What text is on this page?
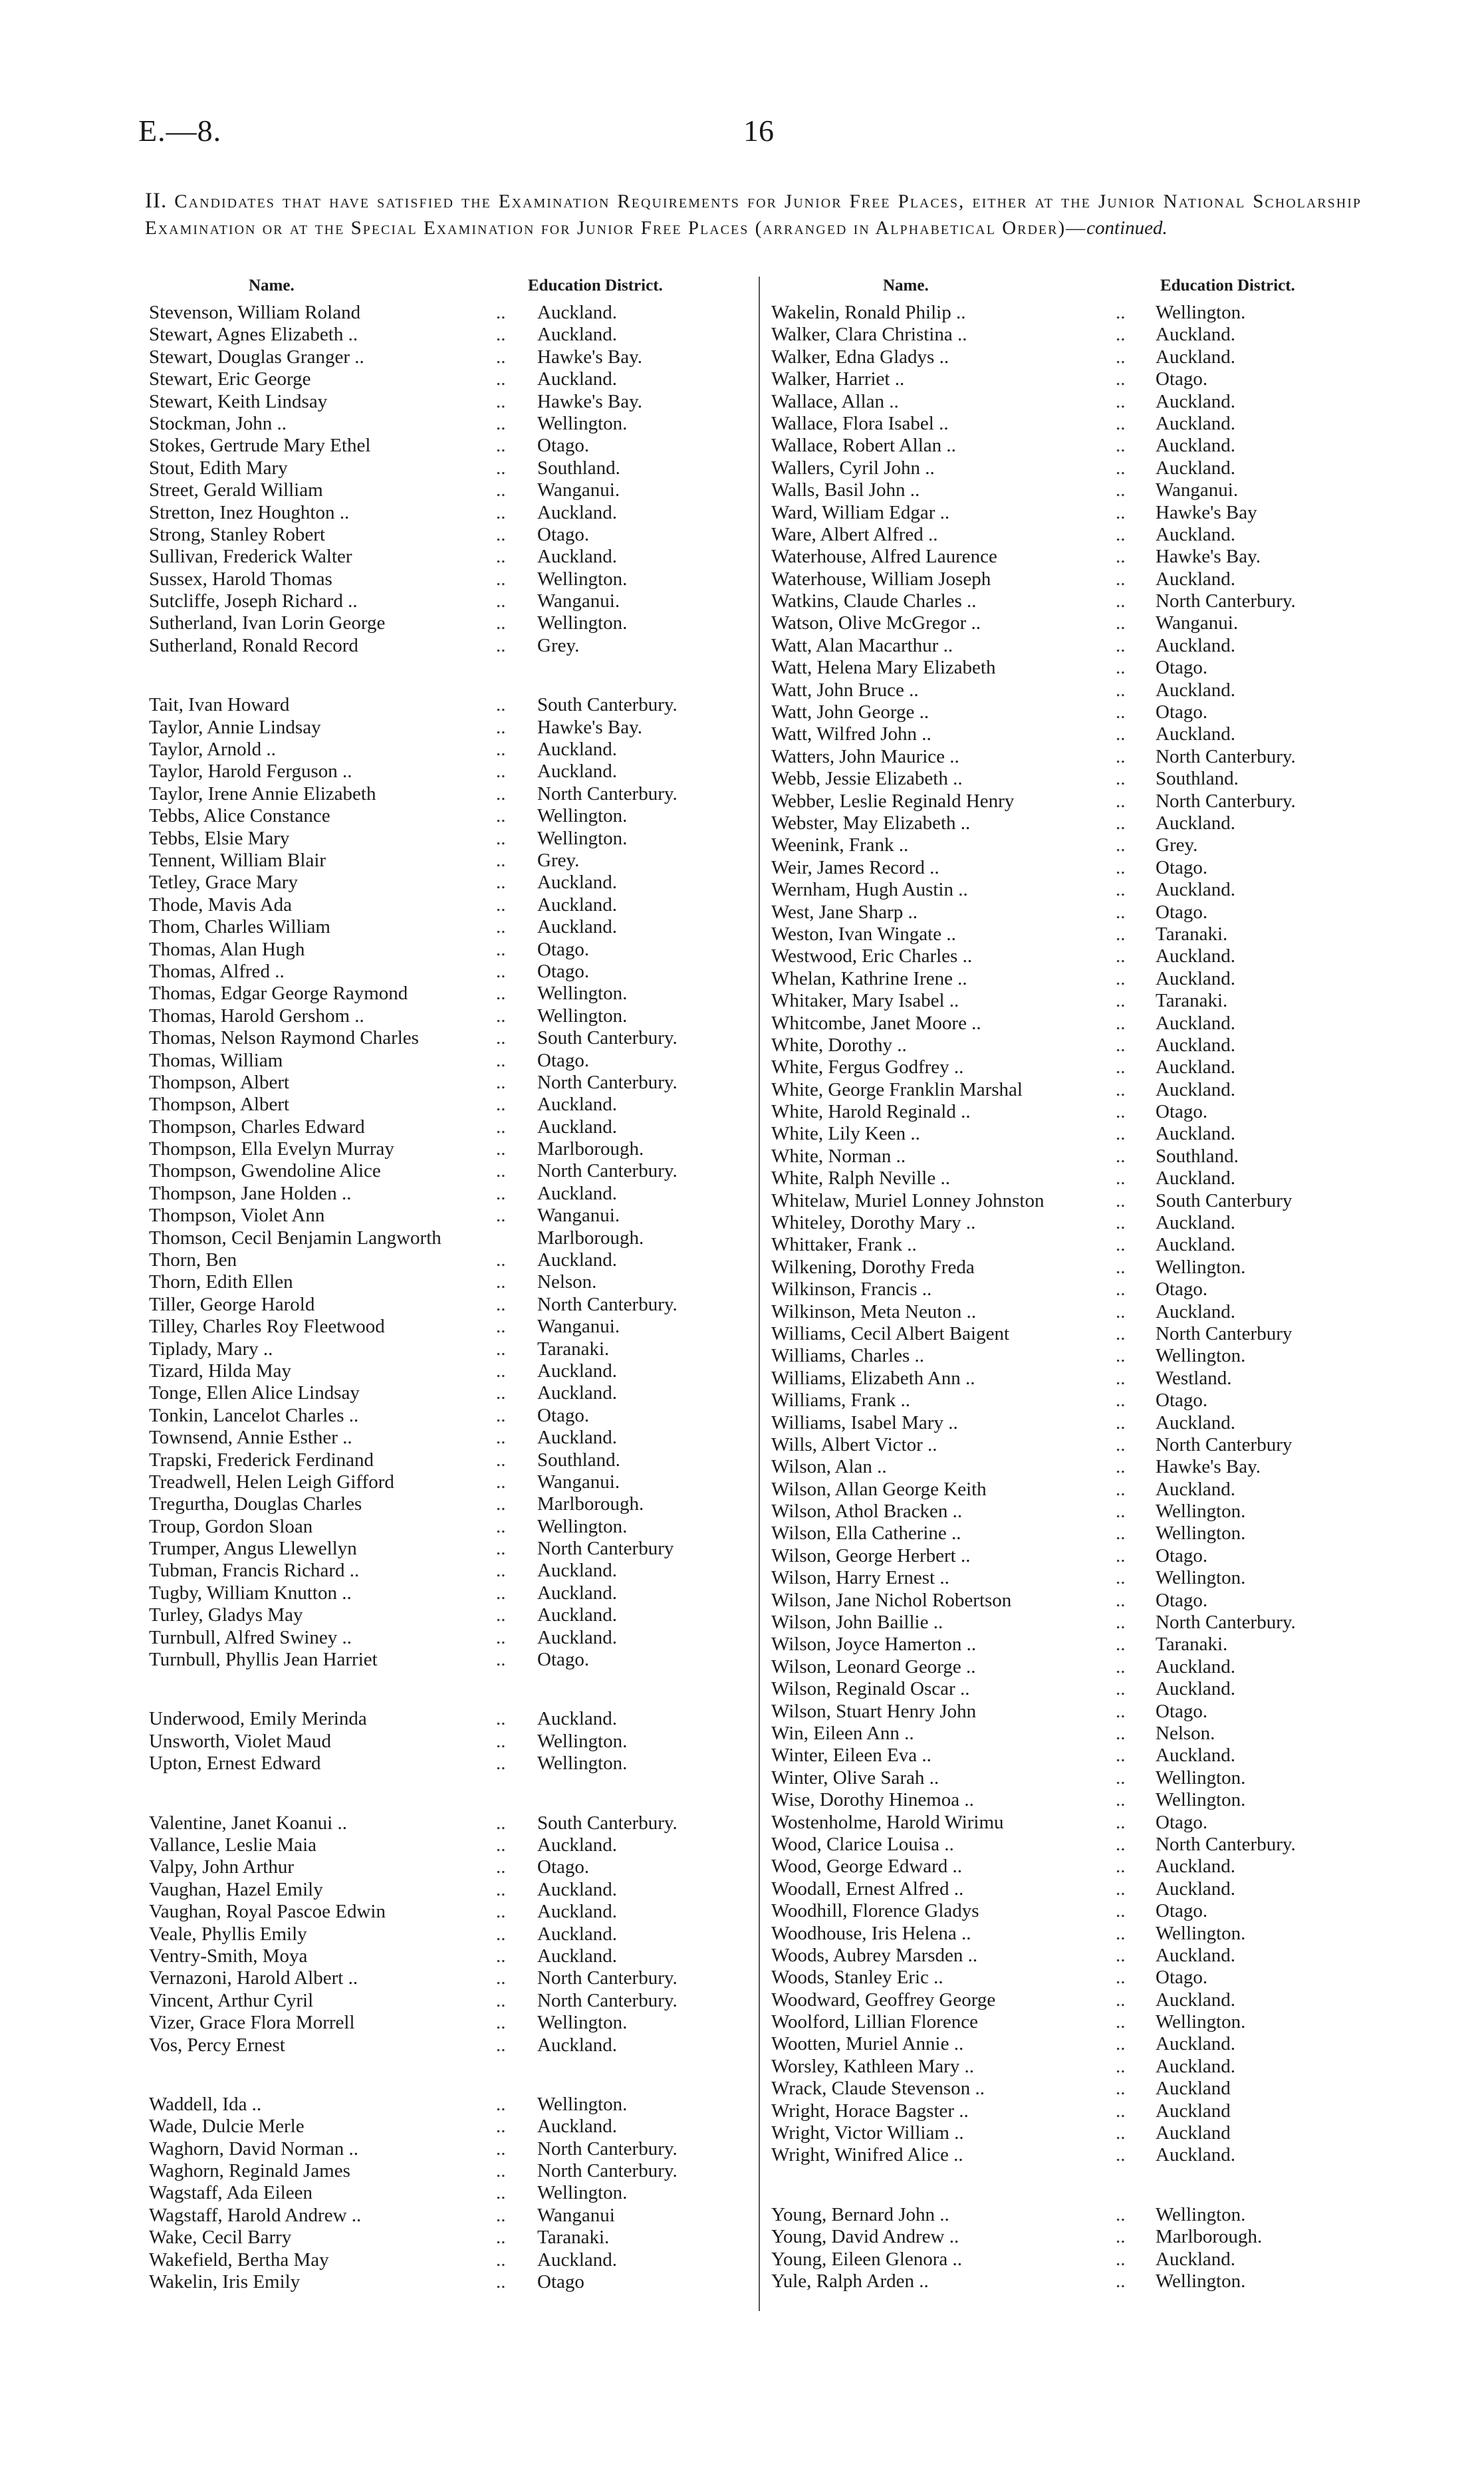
E.—8.	16
II. Candidates that have satisfied the Examination Requirements for Junior Free Places, either at the Junior National Scholarship Examination or at the Special Examination for Junior Free Places (arranged in Alphabetical Order)—continued.
Name.	Education District.
Stevenson, William Roland	.. Auckland.
Stewart, Agnes Elizabeth ..	.. Auckland.
Stewart, Douglas Granger ..	.. Hawke's Bay.
Stewart, Eric George	.. Auckland.
Stewart, Keith Lindsay	.. Hawke's Bay.
Stockman, John ..	.. Wellington.
Stokes, Gertrude Mary Ethel	.. Otago.
Stout, Edith Mary	.. Southland.
Street, Gerald William	.. Wanganui.
Stretton, Inez Houghton ..	.. Auckland.
Strong, Stanley Robert	.. Otago.
Sullivan, Frederick Walter	.. Auckland.
Sussex, Harold Thomas	.. Wellington.
Sutcliffe, Joseph Richard ..	.. Wanganui.
Sutherland, Ivan Lorin George	.. Wellington.
Sutherland, Ronald Record	.. Grey.
Tait, Ivan Howard	.. South Canterbury.
Taylor, Annie Lindsay	.. Hawke's Bay.
Taylor, Arnold ..	.. Auckland.
Taylor, Harold Ferguson ..	.. Auckland.
Taylor, Irene Annie Elizabeth	.. North Canterbury.
Tebbs, Alice Constance	.. Wellington.
Tebbs, Elsie Mary	.. Wellington.
Tennent, William Blair	.. Grey.
Tetley, Grace Mary	.. Auckland.
Thode, Mavis Ada	.. Auckland.
Thom, Charles William	.. Auckland.
Thomas, Alan Hugh	.. Otago.
Thomas, Alfred ..	.. Otago.
Thomas, Edgar George Raymond	.. Wellington.
Thomas, Harold Gershom ..	.. Wellington.
Thomas, Nelson Raymond Charles	.. South Canterbury.
Thomas, William	.. Otago.
Thompson, Albert	.. North Canterbury.
Thompson, Albert	.. Auckland.
Thompson, Charles Edward	.. Auckland.
Thompson, Ella Evelyn Murray	.. Marlborough.
Thompson, Gwendoline Alice	.. North Canterbury.
Thompson, Jane Holden ..	.. Auckland.
Thompson, Violet Ann	.. Wanganui.
Thomson, Cecil Benjamin Langworth	Marlborough.
Thorn, Ben	.. Auckland.
Thorn, Edith Ellen	.. Nelson.
Tiller, George Harold	.. North Canterbury.
Tilley, Charles Roy Fleetwood	.. Wanganui.
Tiplady, Mary ..	.. Taranaki.
Tizard, Hilda May	.. Auckland.
Tonge, Ellen Alice Lindsay	.. Auckland.
Tonkin, Lancelot Charles ..	.. Otago.
Townsend, Annie Esther ..	.. Auckland.
Trapski, Frederick Ferdinand	.. Southland.
Treadwell, Helen Leigh Gifford	.. Wanganui.
Tregurtha, Douglas Charles	.. Marlborough.
Troup, Gordon Sloan	.. Wellington.
Trumper, Angus Llewellyn	.. North Canterbury
Tubman, Francis Richard ..	.. Auckland.
Tugby, William Knutton ..	.. Auckland.
Turley, Gladys May	.. Auckland.
Turnbull, Alfred Swiney ..	.. Auckland.
Turnbull, Phyllis Jean Harriet	.. Otago.
Underwood, Emily Merinda	.. Auckland.
Unsworth, Violet Maud	.. Wellington.
Upton, Ernest Edward	.. Wellington.
Valentine, Janet Koanui ..	.. South Canterbury.
Vallance, Leslie Maia	.. Auckland.
Valpy, John Arthur	.. Otago.
Vaughan, Hazel Emily	.. Auckland.
Vaughan, Royal Pascoe Edwin	.. Auckland.
Veale, Phyllis Emily	.. Auckland.
Ventry-Smith, Moya	.. Auckland.
Vernazoni, Harold Albert ..	.. North Canterbury.
Vincent, Arthur Cyril	.. North Canterbury.
Vizer, Grace Flora Morrell	.. Wellington.
Vos, Percy Ernest	.. Auckland.
Waddell, Ida ..	.. Wellington.
Wade, Dulcie Merle	.. Auckland.
Waghorn, David Norman ..	.. North Canterbury.
Waghorn, Reginald James	.. North Canterbury.
Wagstaff, Ada Eileen	.. Wellington.
Wagstaff, Harold Andrew ..	.. Wanganui
Wake, Cecil Barry	.. Taranaki.
Wakefield, Bertha May	.. Auckland.
Wakelin, Iris Emily	.. Otago
Name.	Education District.
Wakelin, Ronald Philip ..	.. Wellington.
Walker, Clara Christina ..	.. Auckland.
Walker, Edna Gladys ..	.. Auckland.
Walker, Harriet ..	.. Otago.
Wallace, Allan ..	.. Auckland.
Wallace, Flora Isabel ..	.. Auckland.
Wallace, Robert Allan ..	.. Auckland.
Wallers, Cyril John ..	.. Auckland.
Walls, Basil John ..	.. Wanganui.
Ward, William Edgar ..	.. Hawke's Bay
Ware, Albert Alfred ..	.. Auckland.
Waterhouse, Alfred Laurence	.. Hawke's Bay.
Waterhouse, William Joseph	.. Auckland.
Watkins, Claude Charles ..	.. North Canterbury.
Watson, Olive McGregor ..	.. Wanganui.
Watt, Alan Macarthur ..	.. Auckland.
Watt, Helena Mary Elizabeth	.. Otago.
Watt, John Bruce ..	.. Auckland.
Watt, John George ..	.. Otago.
Watt, Wilfred John ..	.. Auckland.
Watters, John Maurice ..	.. North Canterbury.
Webb, Jessie Elizabeth ..	.. Southland.
Webber, Leslie Reginald Henry	.. North Canterbury.
Webster, May Elizabeth ..	.. Auckland.
Weenink, Frank ..	.. Grey.
Weir, James Record ..	.. Otago.
Wernham, Hugh Austin ..	.. Auckland.
West, Jane Sharp ..	.. Otago.
Weston, Ivan Wingate ..	.. Taranaki.
Westwood, Eric Charles ..	.. Auckland.
Whelan, Kathrine Irene ..	.. Auckland.
Whitaker, Mary Isabel ..	.. Taranaki.
Whitcombe, Janet Moore ..	.. Auckland.
White, Dorothy ..	.. Auckland.
White, Fergus Godfrey ..	.. Auckland.
White, George Franklin Marshal	.. Auckland.
White, Harold Reginald ..	.. Otago.
White, Lily Keen ..	.. Auckland.
White, Norman ..	.. Southland.
White, Ralph Neville ..	.. Auckland.
Whitelaw, Muriel Lonney Johnston	.. South Canterbury
Whiteley, Dorothy Mary ..	.. Auckland.
Whittaker, Frank ..	.. Auckland.
Wilkening, Dorothy Freda	.. Wellington.
Wilkinson, Francis ..	.. Otago.
Wilkinson, Meta Neuton ..	.. Auckland.
Williams, Cecil Albert Baigent	.. North Canterbury
Williams, Charles ..	.. Wellington.
Williams, Elizabeth Ann ..	.. Westland.
Williams, Frank ..	.. Otago.
Williams, Isabel Mary ..	.. Auckland.
Wills, Albert Victor ..	.. North Canterbury
Wilson, Alan ..	.. Hawke's Bay.
Wilson, Allan George Keith	.. Auckland.
Wilson, Athol Bracken ..	.. Wellington.
Wilson, Ella Catherine ..	.. Wellington.
Wilson, George Herbert ..	.. Otago.
Wilson, Harry Ernest ..	.. Wellington.
Wilson, Jane Nichol Robertson	.. Otago.
Wilson, John Baillie ..	.. North Canterbury.
Wilson, Joyce Hamerton ..	.. Taranaki.
Wilson, Leonard George ..	.. Auckland.
Wilson, Reginald Oscar ..	.. Auckland.
Wilson, Stuart Henry John	.. Otago.
Win, Eileen Ann ..	.. Nelson.
Winter, Eileen Eva ..	.. Auckland.
Winter, Olive Sarah ..	.. Wellington.
Wise, Dorothy Hinemoa ..	.. Wellington.
Wostenholme, Harold Wirimu	.. Otago.
Wood, Clarice Louisa ..	.. North Canterbury.
Wood, George Edward ..	.. Auckland.
Woodall, Ernest Alfred ..	.. Auckland.
Woodhill, Florence Gladys	.. Otago.
Woodhouse, Iris Helena ..	.. Wellington.
Woods, Aubrey Marsden ..	.. Auckland.
Woods, Stanley Eric ..	.. Otago.
Woodward, Geoffrey George	.. Auckland.
Woolford, Lillian Florence	.. Wellington.
Wootten, Muriel Annie ..	.. Auckland.
Worsley, Kathleen Mary ..	.. Auckland.
Wrack, Claude Stevenson ..	.. Auckland
Wright, Horace Bagster ..	.. Auckland
Wright, Victor William ..	.. Auckland
Wright, Winifred Alice ..	.. Auckland.
Young, Bernard John ..	.. Wellington.
Young, David Andrew ..	.. Marlborough.
Young, Eileen Glenora ..	.. Auckland.
Yule, Ralph Arden ..	.. Wellington.
